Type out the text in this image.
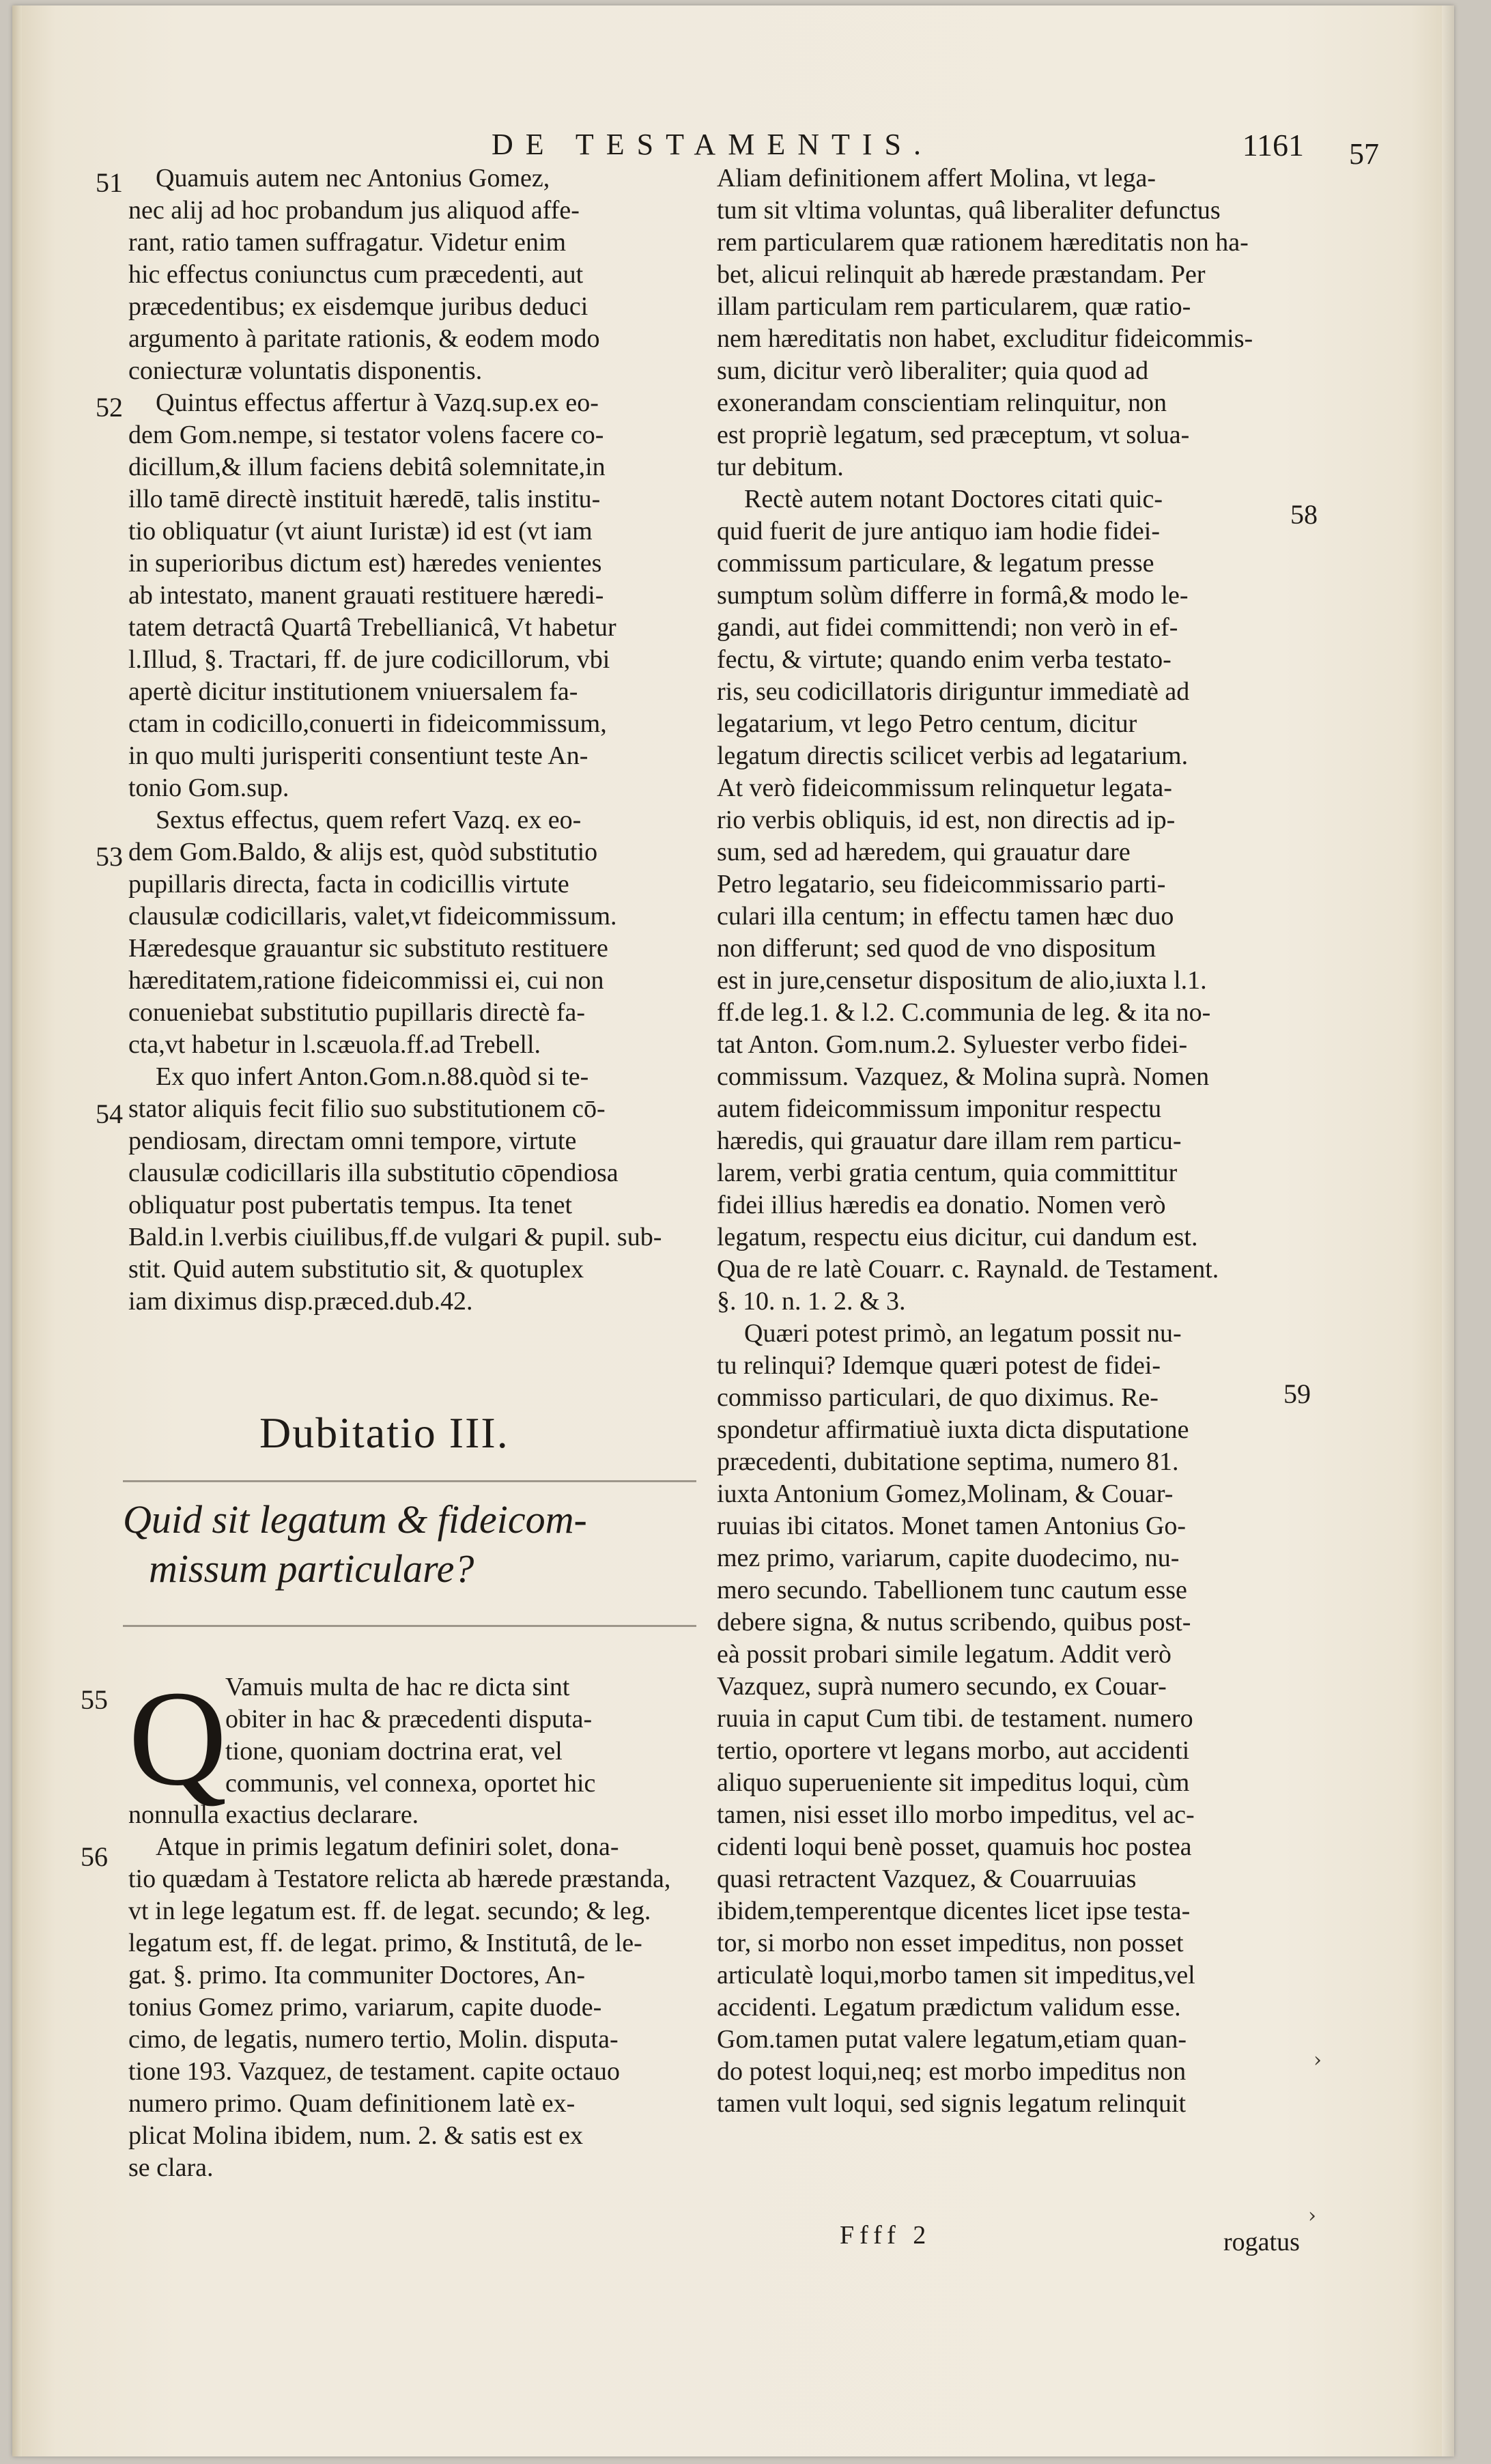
DE TESTAMENTIS.	1161 57
Quamuis autem nec Antonius Gomez,
nec alij ad hoc probandum jus aliquod affe-
rant, ratio tamen suffragatur. Videtur enim
hic effectus coniunctus cum præcedenti, aut
præcedentibus; ex eisdemque juribus deduci
argumento à paritate rationis, & eodem modo
coniecturæ voluntatis disponentis.
Quintus effectus affertur à Vazq.sup.ex eo-
dem Gom.nempe, si testator volens facere co-
dicillum,& illum faciens debitâ solemnitate,in
illo tamē directè instituit hæredē, talis institu-
tio obliquatur (vt aiunt Iuristæ) id est (vt iam
in superioribus dictum est) hæredes venientes
ab intestato, manent grauati restituere hæredi-
tatem detractâ Quartâ Trebellianicâ, Vt habetur
l.Illud, §. Tractari, ff. de jure codicillorum, vbi
apertè dicitur institutionem vniuersalem fa-
ctam in codicillo,conuerti in fideicommissum,
in quo multi jurisperiti consentiunt teste An-
tonio Gom.sup.
Sextus effectus, quem refert Vazq. ex eo-
dem Gom.Baldo, & alijs est, quòd substitutio
pupillaris directa, facta in codicillis virtute
clausulæ codicillaris, valet,vt fideicommissum.
Hæredesque grauantur sic substituto restituere
hæreditatem,ratione fideicommissi ei, cui non
conueniebat substitutio pupillaris directè fa-
cta,vt habetur in l.scæuola.ff.ad Trebell.
Ex quo infert Anton.Gom.n.88.quòd si te-
stator aliquis fecit filio suo substitutionem cō-
pendiosam, directam omni tempore, virtute
clausulæ codicillaris illa substitutio cōpendiosa
obliquatur post pubertatis tempus. Ita tenet
Bald.in l.verbis ciuilibus,ff.de vulgari & pupil. sub-
stit. Quid autem substitutio sit, & quotuplex
iam diximus disp.præced.dub.42.
51
52
53
54
Dubitatio III.
Quid sit legatum & fideicom-
missum particulare?
55 Q
Vamuis multa de hac re dicta sint
obiter in hac & præcedenti disputa-
tione, quoniam doctrina erat, vel
communis, vel connexa, oportet hic
nonnulla exactius declarare.
Atque in primis legatum definiri solet, dona-
tio quædam à Testatore relicta ab hærede præstanda,
vt in lege legatum est. ff. de legat. secundo; & leg.
legatum est, ff. de legat. primo, & Institutâ, de le-
gat. §. primo. Ita communiter Doctores, An-
tonius Gomez primo, variarum, capite duode-
cimo, de legatis, numero tertio, Molin. disputa-
tione 193. Vazquez, de testament. capite octauo
numero primo. Quam definitionem latè ex-
plicat Molina ibidem, num. 2. & satis est ex
se clara.
56
Aliam definitionem affert Molina, vt lega-
tum sit vltima voluntas, quâ liberaliter defunctus
rem particularem quæ rationem hæreditatis non ha-
bet, alicui relinquit ab hærede præstandam. Per
illam particulam rem particularem, quæ ratio-
nem hæreditatis non habet, excluditur fideicommis-
sum, dicitur verò liberaliter; quia quod ad
exonerandam conscientiam relinquitur, non
est propriè legatum, sed præceptum, vt solua-
tur debitum.
Rectè autem notant Doctores citati quic-
quid fuerit de jure antiquo iam hodie fidei-
commissum particulare, & legatum presse
sumptum solùm differre in formâ,& modo le-
gandi, aut fidei committendi; non verò in ef-
fectu, & virtute; quando enim verba testato-
ris, seu codicillatoris diriguntur immediatè ad
legatarium, vt lego Petro centum, dicitur
legatum directis scilicet verbis ad legatarium.
At verò fideicommissum relinquetur legata-
rio verbis obliquis, id est, non directis ad ip-
sum, sed ad hæredem, qui grauatur dare
Petro legatario, seu fideicommissario parti-
culari illa centum; in effectu tamen hæc duo
non differunt; sed quod de vno dispositum
est in jure,censetur dispositum de alio,iuxta l.1.
ff.de leg.1. & l.2. C.communia de leg. & ita no-
tat Anton. Gom.num.2. Syluester verbo fidei-
commissum. Vazquez, & Molina suprà. Nomen
autem fideicommissum imponitur respectu
hæredis, qui grauatur dare illam rem particu-
larem, verbi gratia centum, quia committitur
fidei illius hæredis ea donatio. Nomen verò
legatum, respectu eius dicitur, cui dandum est.
Qua de re latè Couarr. c. Raynald. de Testament.
§. 10. n. 1. 2. & 3.
Quæri potest primò, an legatum possit nu-
tu relinqui? Idemque quæri potest de fidei-
commisso particulari, de quo diximus. Re-
spondetur affirmatiuè iuxta dicta disputatione
præcedenti, dubitatione septima, numero 81.
iuxta Antonium Gomez,Molinam, & Couar-
ruuias ibi citatos. Monet tamen Antonius Go-
mez primo, variarum, capite duodecimo, nu-
mero secundo. Tabellionem tunc cautum esse
debere signa, & nutus scribendo, quibus post-
eà possit probari simile legatum. Addit verò
Vazquez, suprà numero secundo, ex Couar-
ruuia in caput Cum tibi. de testament. numero
tertio, oportere vt legans morbo, aut accidenti
aliquo superueniente sit impeditus loqui, cùm
tamen, nisi esset illo morbo impeditus, vel ac-
cidenti loqui benè posset, quamuis hoc postea
quasi retractent Vazquez, & Couarruuias
ibidem,temperentque dicentes licet ipse testa-
tor, si morbo non esset impeditus, non posset
articulatè loqui,morbo tamen sit impeditus,vel
accidenti. Legatum prædictum validum esse.
Gom.tamen putat valere legatum,etiam quan-
do potest loqui,neq; est morbo impeditus non
tamen vult loqui, sed signis legatum relinquit
58
59
›
›
Ffff 2	rogatus
